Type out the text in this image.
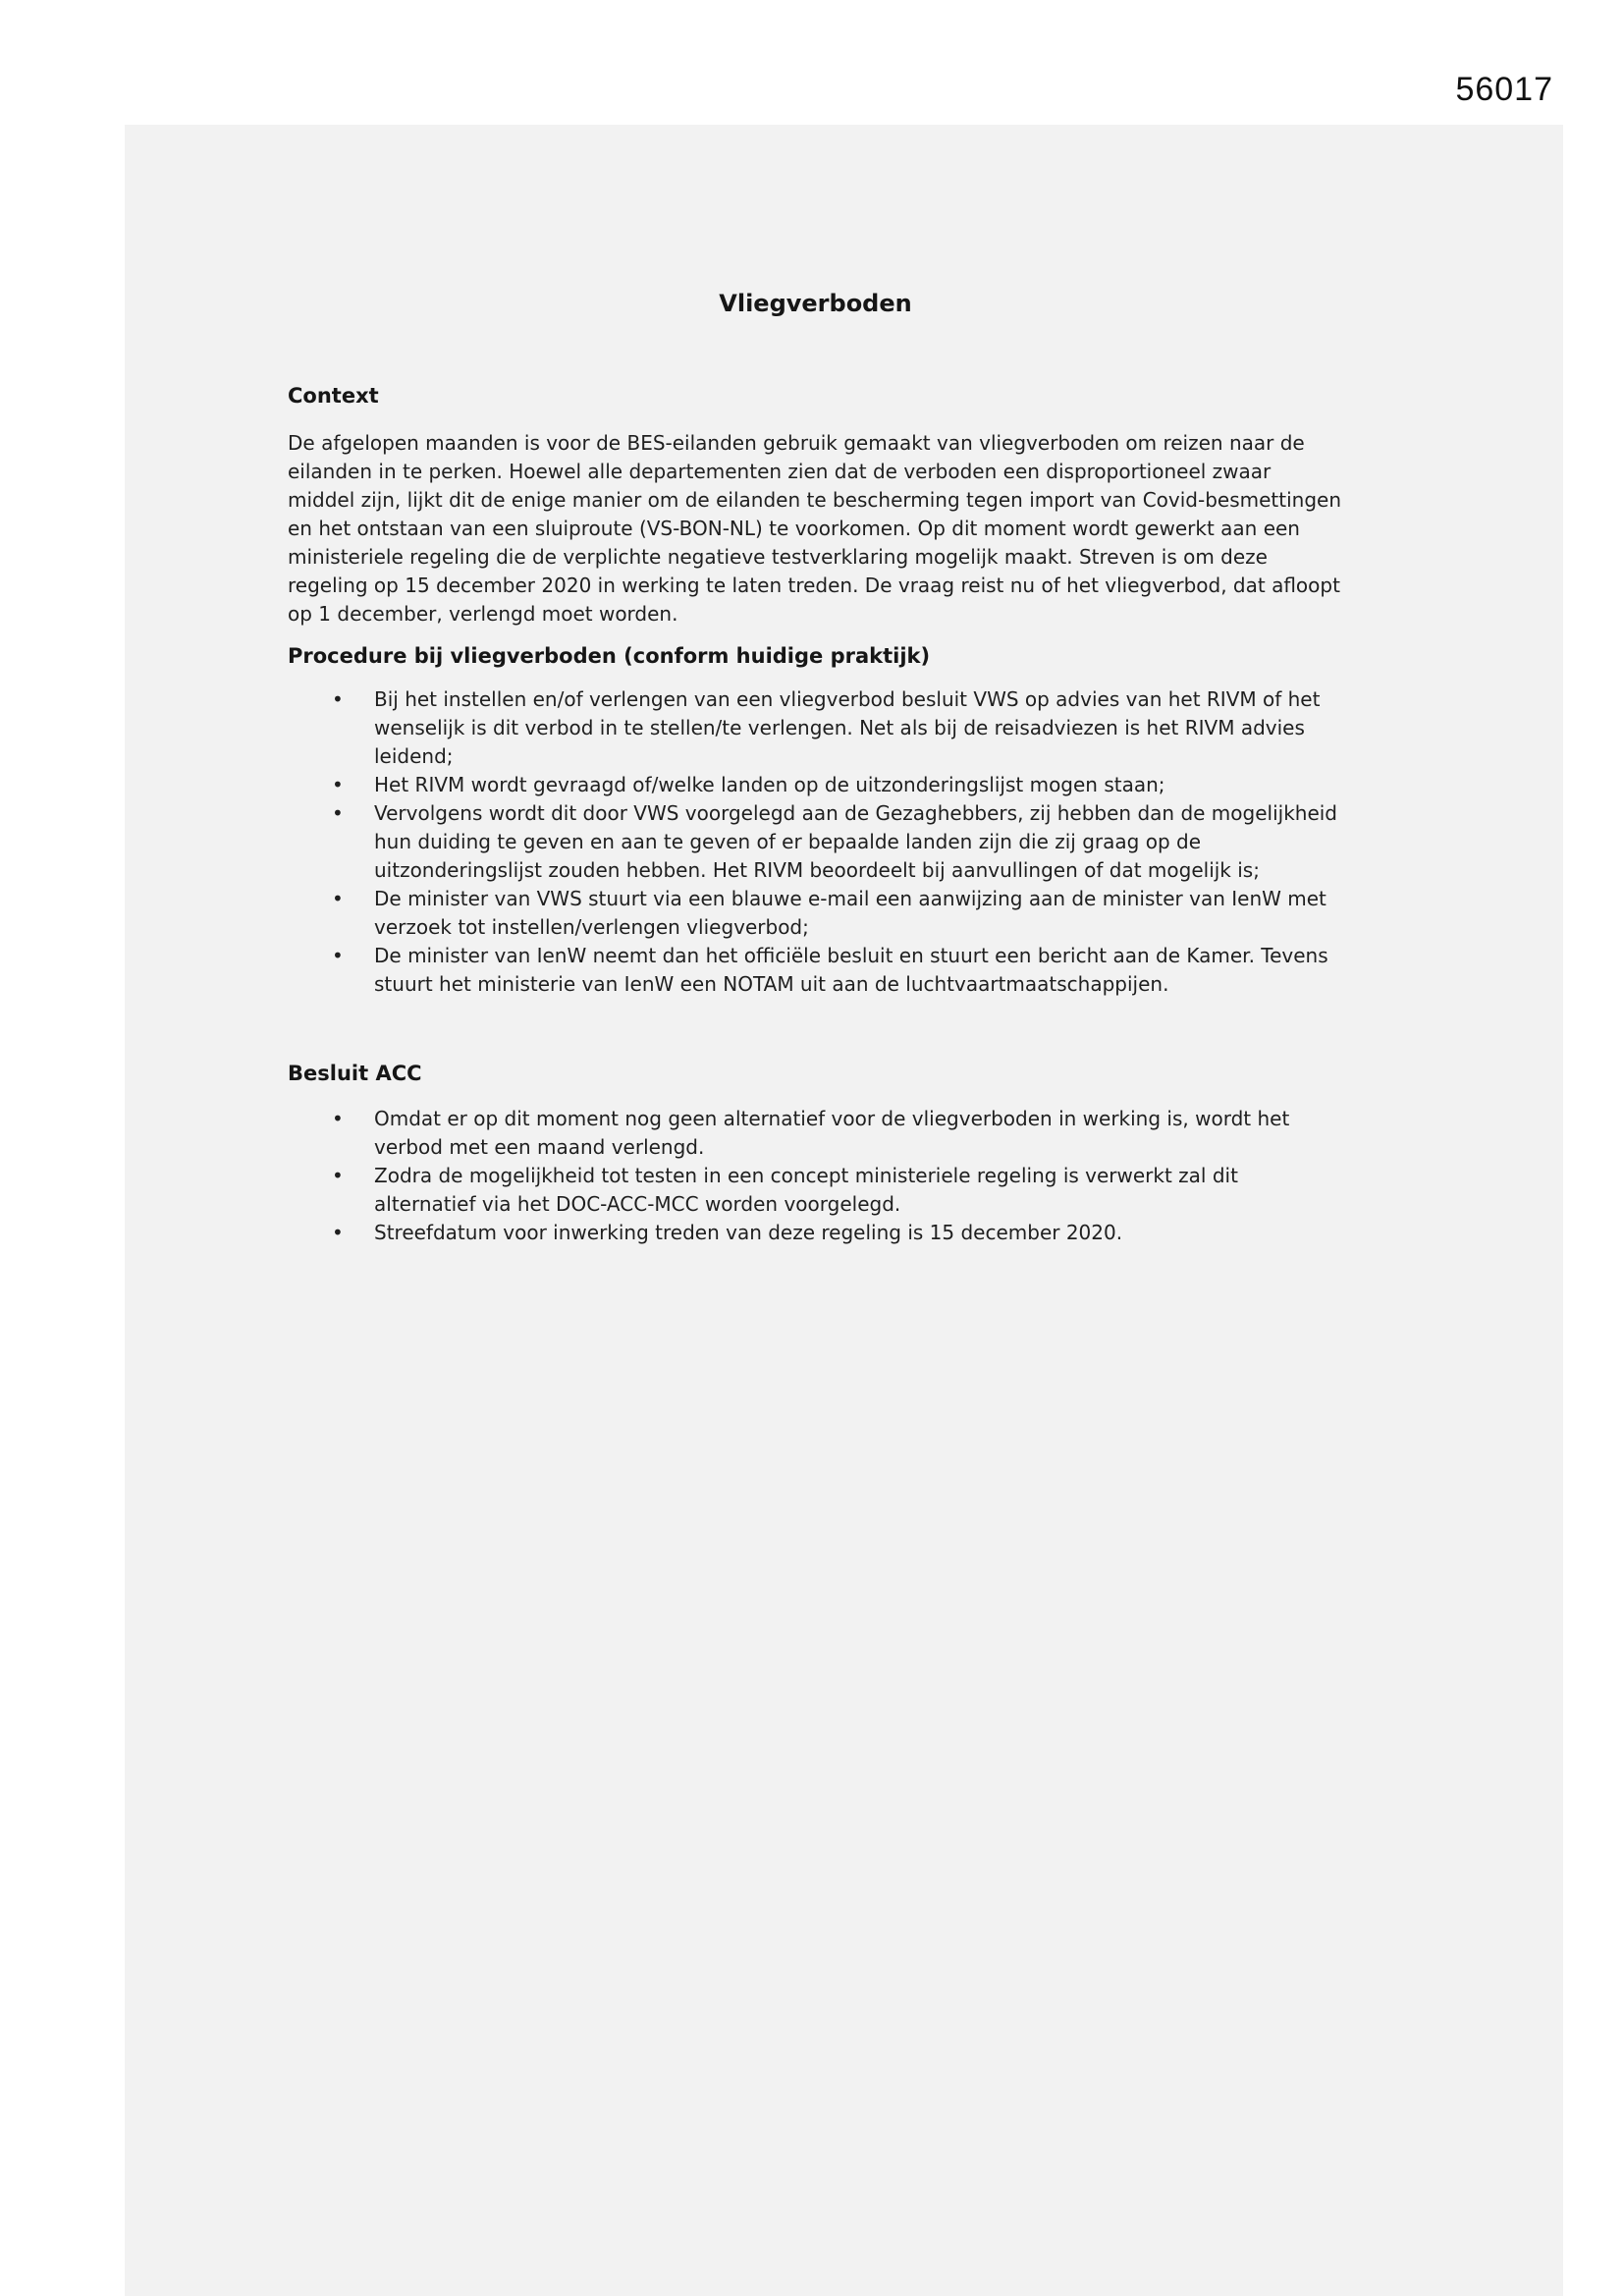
56017
Vliegverboden
Context

De afgelopen maanden is voor de BES-eilanden gebruik gemaakt van vliegverboden om reizen naar de eilanden in te perken. Hoewel alle departementen zien dat de verboden een disproportioneel zwaar middel zijn, lijkt dit de enige manier om de eilanden te bescherming tegen import van Covid-besmettingen en het ontstaan van een sluiproute (VS-BON-NL) te voorkomen. Op dit moment wordt gewerkt aan een ministeriele regeling die de verplichte negatieve testverklaring mogelijk maakt. Streven is om deze regeling op 15 december 2020 in werking te laten treden. De vraag reist nu of het vliegverbod, dat afloopt op 1 december, verlengd moet worden.

Procedure bij vliegverboden (conform huidige praktijk)
• Bij het instellen en/of verlengen van een vliegverbod besluit VWS op advies van het RIVM of het wenselijk is dit verbod in te stellen/te verlengen. Net als bij de reisadviezen is het RIVM advies leidend;
• Het RIVM wordt gevraagd of/welke landen op de uitzonderingslijst mogen staan;
• Vervolgens wordt dit door VWS voorgelegd aan de Gezaghebbers, zij hebben dan de mogelijkheid hun duiding te geven en aan te geven of er bepaalde landen zijn die zij graag op de uitzonderingslijst zouden hebben. Het RIVM beoordeelt bij aanvullingen of dat mogelijk is;
• De minister van VWS stuurt via een blauwe e-mail een aanwijzing aan de minister van IenW met verzoek tot instellen/verlengen vliegverbod;
• De minister van IenW neemt dan het officiële besluit en stuurt een bericht aan de Kamer. Tevens stuurt het ministerie van IenW een NOTAM uit aan de luchtvaartmaatschappijen.
Besluit ACC
• Omdat er op dit moment nog geen alternatief voor de vliegverboden in werking is, wordt het verbod met een maand verlengd.
• Zodra de mogelijkheid tot testen in een concept ministeriele regeling is verwerkt zal dit alternatief via het DOC-ACC-MCC worden voorgelegd.
• Streefdatum voor inwerking treden van deze regeling is 15 december 2020.
